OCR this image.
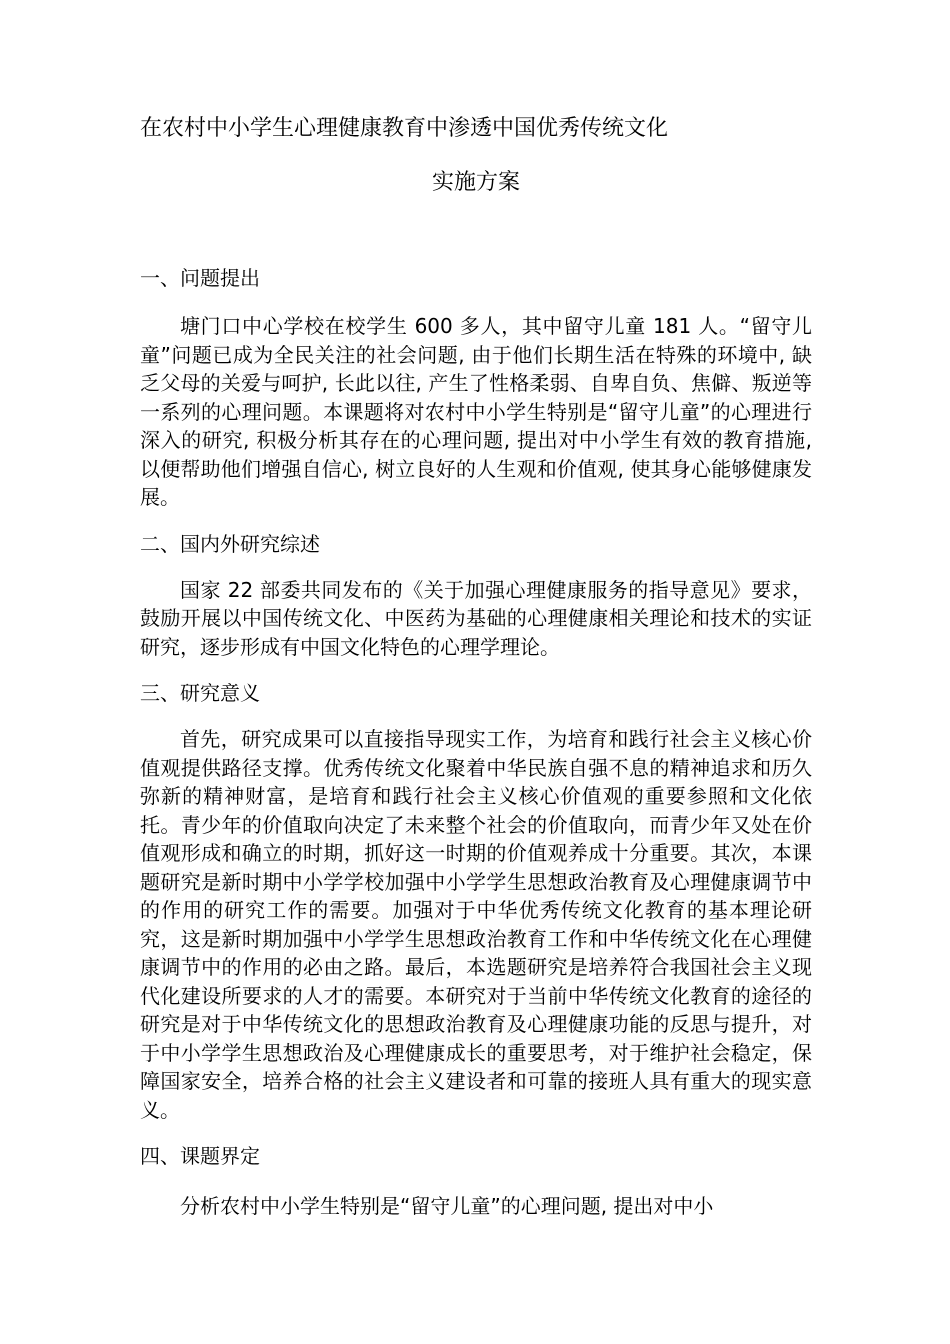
在农村中小学生心理健康教育中渗透中国优秀传统文化
实施方案
一、问题提出

塘门口中心学校在校学生 600 多人，其中留守儿童 181 人。“留守儿童”问题已成为全民关注的社会问题, 由于他们长期生活在特殊的环境中, 缺乏父母的关爱与呵护, 长此以往, 产生了性格柔弱、自卑自负、焦僻、叛逆等一系列的心理问题。本课题将对农村中小学生特别是“留守儿童”的心理进行深入的研究, 积极分析其存在的心理问题, 提出对中小学生有效的教育措施, 以便帮助他们增强自信心, 树立良好的人生观和价值观, 使其身心能够健康发展。

二、国内外研究综述

国家 22 部委共同发布的《关于加强心理健康服务的指导意见》要求，鼓励开展以中国传统文化、中医药为基础的心理健康相关理论和技术的实证研究，逐步形成有中国文化特色的心理学理论。

三、研究意义

首先，研究成果可以直接指导现实工作，为培育和践行社会主义核心价值观提供路径支撑。优秀传统文化聚着中华民族自强不息的精神追求和历久弥新的精神财富，是培育和践行社会主义核心价值观的重要参照和文化依托。青少年的价值取向决定了未来整个社会的价值取向，而青少年又处在价值观形成和确立的时期，抓好这一时期的价值观养成十分重要。其次，本课题研究是新时期中小学学校加强中小学学生思想政治教育及心理健康调节中的作用的研究工作的需要。加强对于中华优秀传统文化教育的基本理论研究，这是新时期加强中小学学生思想政治教育工作和中华传统文化在心理健康调节中的作用的必由之路。最后，本选题研究是培养符合我国社会主义现代化建设所要求的人才的需要。本研究对于当前中华传统文化教育的途径的研究是对于中华传统文化的思想政治教育及心理健康功能的反思与提升，对于中小学学生思想政治及心理健康成长的重要思考，对于维护社会稳定，保障国家安全，培养合格的社会主义建设者和可靠的接班人具有重大的现实意义。

四、课题界定

分析农村中小学生特别是“留守儿童”的心理问题, 提出对中小
